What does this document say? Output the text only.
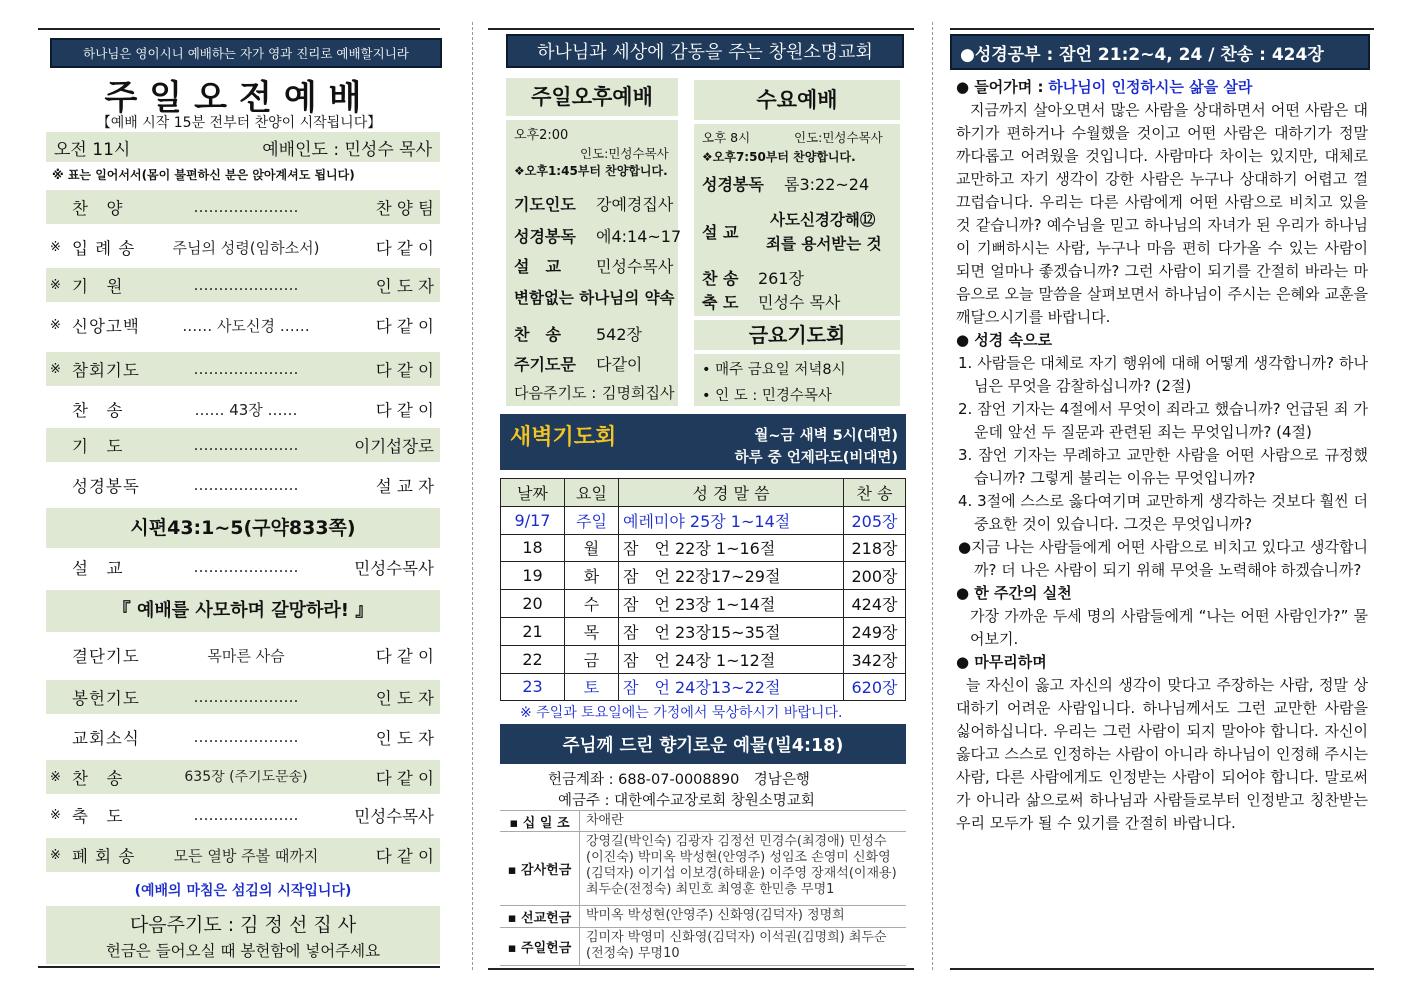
하나님은 영이시니 예배하는 자가 영과 진리로 예배할지니라
주일오전예배
【예배 시작 15분 전부터 찬양이 시작됩니다】
오전 11시	예배인도 : 민성수 목사
※ 표는 일어서서(몸이 불편하신 분은 앉아계셔도 됩니다)
찬　양	…………………	찬 양 팀
※ 입 례 송	주님의 성령(임하소서)	다 같 이
※ 기　원	…………………	인 도 자
※ 신앙고백	…… 사도신경 ……	다 같 이
※ 참회기도	…………………	다 같 이
찬　송	…… 43장 ……	다 같 이
기　도	…………………	이기섭장로
성경봉독	…………………	설 교 자
시편43:1~5(구약833쪽)
설　교	…………………	민성수목사
『 예배를 사모하며 갈망하라! 』
결단기도	목마른 사슴	다 같 이
봉헌기도	…………………	인 도 자
교회소식	…………………	인 도 자
※ 찬　송	635장 (주기도문송)	다 같 이
※ 축　도	…………………	민성수목사
※ 폐 회 송	모든 열방 주볼 때까지	다 같 이
(예배의 마침은 섬김의 시작입니다)
다음주기도 : 김 정 선 집 사
헌금은 들어오실 때 봉헌함에 넣어주세요
하나님과 세상에 감동을 주는 창원소명교회
주일오후예배
오후2:00
인도:민성수목사
❖오후1:45부터 찬양합니다.
기도인도 강예경집사
성경봉독 에4:14~17
설　교 민성수목사
변함없는 하나님의 약속
찬　송 542장
주기도문 다같이
다음주기도 : 김명희집사
수요예배
오후 8시	인도:민성수목사
❖오후7:50부터 찬양합니다.
성경봉독 롬3:22~24
설 교
사도신경강해⑫
죄를 용서받는 것
찬 송 261장
축 도 민성수 목사
금요기도회
• 매주 금요일 저녁8시
• 인 도 : 민경수목사
새벽기도회	월~금 새벽 5시(대면)
하루 중 언제라도(비대면)
날짜	요일	성 경 말 씀	찬 송
9/17	주일	예레미야 25장 1~14절	205장
18	월	잠　언 22장 1~16절	218장
19	화	잠　언 22장17~29절	200장
20	수	잠　언 23장 1~14절	424장
21	목	잠　언 23장15~35절	249장
22	금	잠　언 24장 1~12절	342장
23	토	잠　언 24장13~22절	620장
※ 주일과 토요일에는 가정에서 묵상하시기 바랍니다.
주님께 드린 향기로운 예물(빌4:18)
헌금계좌 : 688-07-0008890　경남은행
예금주 : 대한예수교장로회 창원소명교회
▪ 십 일 조	차애란
▪ 감사헌금
강영길(박인숙) 김광자 김정선 민경수(최경애) 민성수(이진숙) 박미옥 박성현(안영주) 성임조 손영미 신화영(김덕자) 이기섭 이보경(하태윤) 이주영 장재석(이재용) 최두순(전정숙) 최민호 최영훈 한민층 무명1
▪ 선교헌금	박미옥 박성현(안영주) 신화영(김덕자) 정명희
▪ 주일헌금
김미자 박영미 신화영(김덕자) 이석권(김명희) 최두순(전정숙) 무명10
●성경공부 : 잠언 21:2~4, 24 / 찬송 : 424장

● 들어가며 : 하나님이 인정하시는 삶을 살라

지금까지 살아오면서 많은 사람을 상대하면서 어떤 사람은 대하기가 편하거나 수월했을 것이고 어떤 사람은 대하기가 정말 까다롭고 어려웠을 것입니다. 사람마다 차이는 있지만, 대체로 교만하고 자기 생각이 강한 사람은 누구나 상대하기 어렵고 껄끄럽습니다. 우리는 다른 사람에게 어떤 사람으로 비치고 있을 것 같습니까? 예수님을 믿고 하나님의 자녀가 된 우리가 하나님이 기뻐하시는 사람, 누구나 마음 편히 다가올 수 있는 사람이 되면 얼마나 좋겠습니까? 그런 사람이 되기를 간절히 바라는 마음으로 오늘 말씀을 살펴보면서 하나님이 주시는 은혜와 교훈을 깨달으시기를 바랍니다.

● 성경 속으로

1. 사람들은 대체로 자기 행위에 대해 어떻게 생각합니까? 하나님은 무엇을 감찰하십니까? (2절)

2. 잠언 기자는 4절에서 무엇이 죄라고 했습니까? 언급된 죄 가운데 앞선 두 질문과 관련된 죄는 무엇입니까? (4절)

3. 잠언 기자는 무례하고 교만한 사람을 어떤 사람으로 규정했습니까? 그렇게 불리는 이유는 무엇입니까?

4. 3절에 스스로 옳다여기며 교만하게 생각하는 것보다 훨씬 더 중요한 것이 있습니다. 그것은 무엇입니까?

●지금 나는 사람들에게 어떤 사람으로 비치고 있다고 생각합니까? 더 나은 사람이 되기 위해 무엇을 노력해야 하겠습니까?

● 한 주간의 실천

가장 가까운 두세 명의 사람들에게 “나는 어떤 사람인가?” 물어보기.

● 마무리하며

늘 자신이 옳고 자신의 생각이 맞다고 주장하는 사람, 정말 상대하기 어려운 사람입니다. 하나님께서도 그런 교만한 사람을 싫어하십니다. 우리는 그런 사람이 되지 말아야 합니다. 자신이 옳다고 스스로 인정하는 사람이 아니라 하나님이 인정해 주시는 사람, 다른 사람에게도 인정받는 사람이 되어야 합니다. 말로써가 아니라 삶으로써 하나님과 사람들로부터 인정받고 칭찬받는 우리 모두가 될 수 있기를 간절히 바랍니다.
